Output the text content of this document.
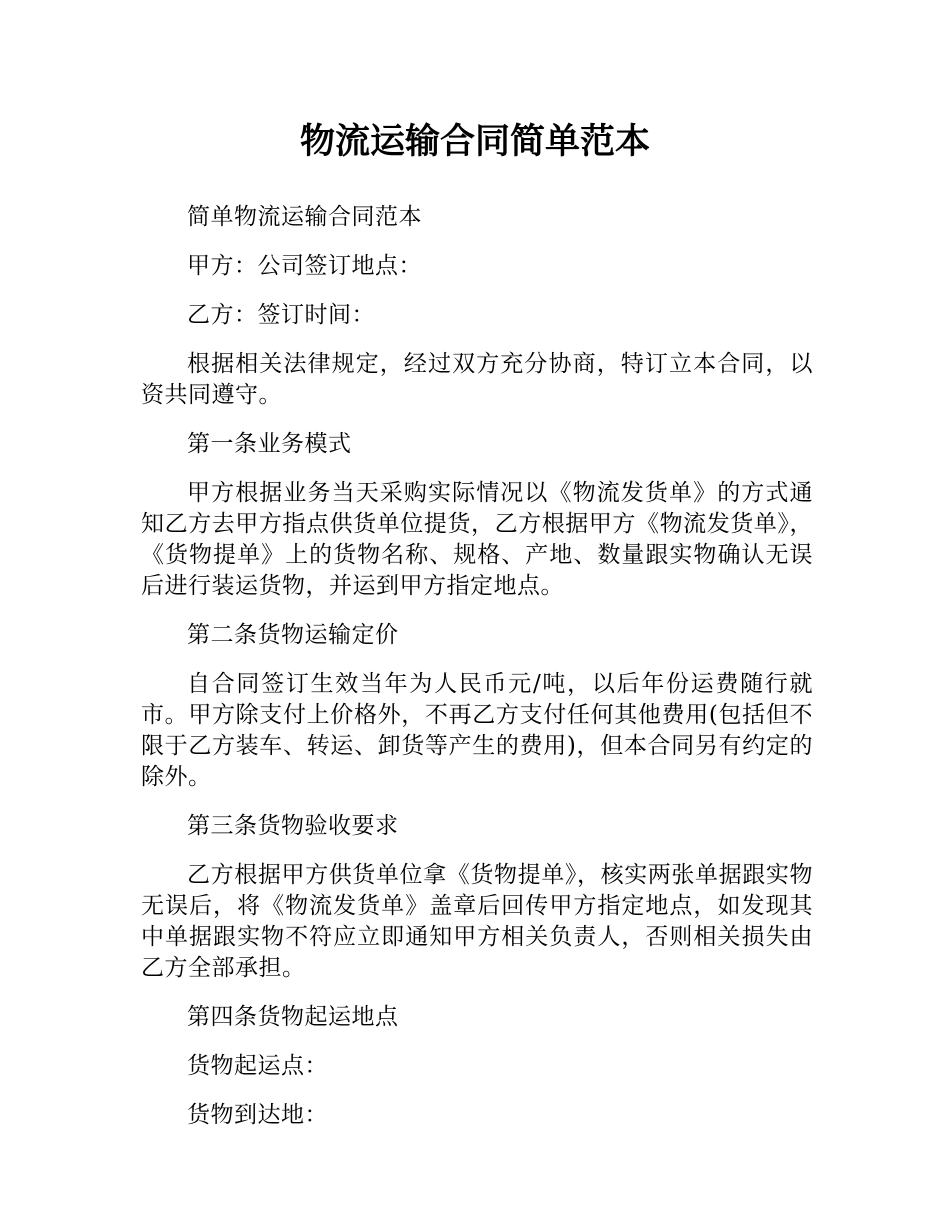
物流运输合同简单范本

简单物流运输合同范本

甲方：公司签订地点：

乙方：签订时间：

根据相关法律规定，经过双方充分协商，特订立本合同，以资共同遵守。

第一条业务模式

甲方根据业务当天采购实际情况以《物流发货单》的方式通知乙方去甲方指点供货单位提货，乙方根据甲方《物流发货单》，《货物提单》上的货物名称、规格、产地、数量跟实物确认无误后进行装运货物，并运到甲方指定地点。

第二条货物运输定价

自合同签订生效当年为人民币元/吨，以后年份运费随行就市。甲方除支付上价格外，不再乙方支付任何其他费用(包括但不限于乙方装车、转运、卸货等产生的费用)，但本合同另有约定的除外。

第三条货物验收要求

乙方根据甲方供货单位拿《货物提单》，核实两张单据跟实物无误后，将《物流发货单》盖章后回传甲方指定地点，如发现其中单据跟实物不符应立即通知甲方相关负责人，否则相关损失由乙方全部承担。

第四条货物起运地点

货物起运点：

货物到达地：
